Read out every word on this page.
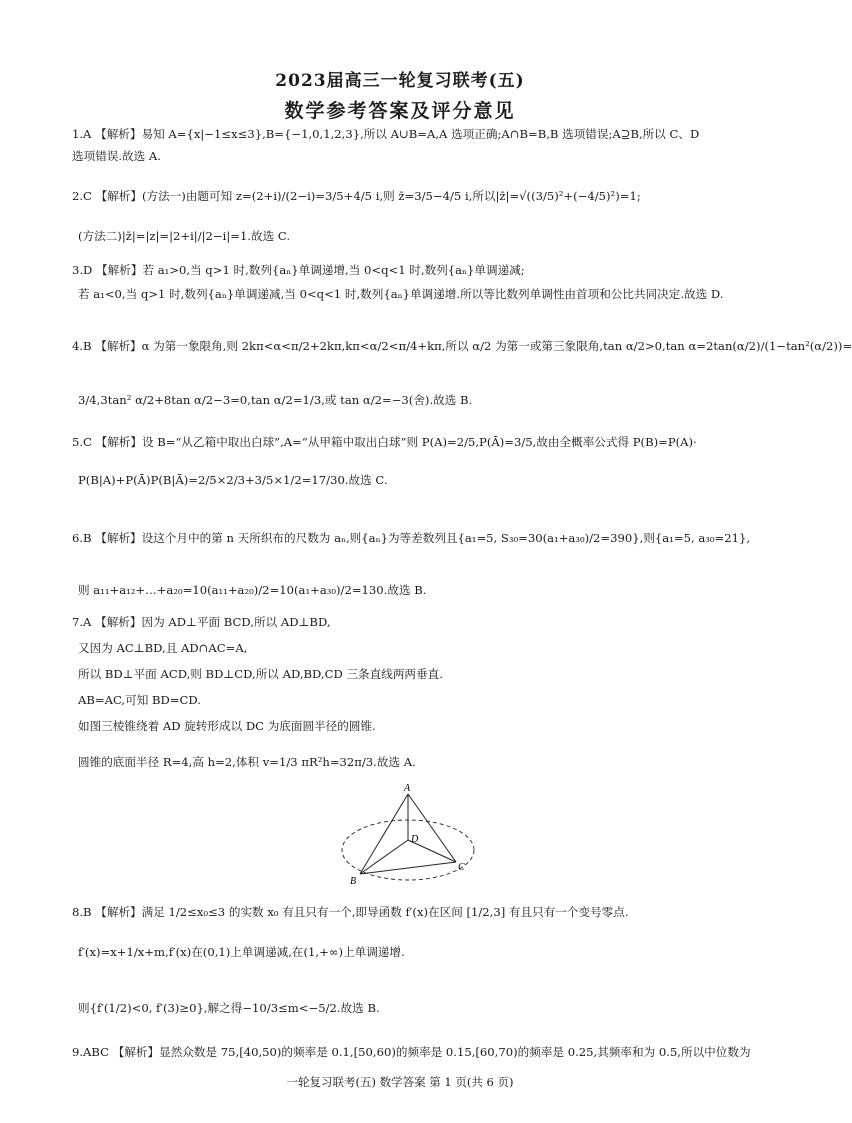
2023届高三一轮复习联考(五)
数学参考答案及评分意见
1.A 【解析】易知 A={x|−1≤x≤3},B={−1,0,1,2,3},所以 A∪B=A,A 选项正确;A∩B=B,B 选项错误;A⊇B,所以 C、D
选项错误.故选 A.
2.C 【解析】(方法一)由题可知 z=(2+i)/(2−i)=3/5+4/5 i,则 z̄=3/5−4/5 i,所以|z̄|=√((3/5)²+(−4/5)²)=1;
(方法二)|z̄|=|z|=|2+i|/|2−i|=1.故选 C.
3.D 【解析】若 a₁>0,当 q>1 时,数列{aₙ}单调递增,当 0<q<1 时,数列{aₙ}单调递减;
若 a₁<0,当 q>1 时,数列{aₙ}单调递减,当 0<q<1 时,数列{aₙ}单调递增.所以等比数列单调性由首项和公比共同决定.故选 D.
4.B 【解析】α 为第一象限角,则 2kπ<α<π/2+2kπ,kπ<α/2<π/4+kπ,所以 α/2 为第一或第三象限角,tan α/2>0,tan α=2tan(α/2)/(1−tan²(α/2))=
3/4,3tan² α/2+8tan α/2−3=0,tan α/2=1/3,或 tan α/2=−3(舍).故选 B.
5.C 【解析】设 B=“从乙箱中取出白球”,A=“从甲箱中取出白球”则 P(A)=2/5,P(Ā)=3/5,故由全概率公式得 P(B)=P(A)·
P(B|A)+P(Ā)P(B|Ā)=2/5×2/3+3/5×1/2=17/30.故选 C.
6.B 【解析】设这个月中的第 n 天所织布的尺数为 aₙ,则{aₙ}为等差数列且{a₁=5, S₃₀=30(a₁+a₃₀)/2=390},则{a₁=5, a₃₀=21},
则 a₁₁+a₁₂+…+a₂₀=10(a₁₁+a₂₀)/2=10(a₁+a₃₀)/2=130.故选 B.
7.A 【解析】因为 AD⊥平面 BCD,所以 AD⊥BD,
又因为 AC⊥BD,且 AD∩AC=A,
所以 BD⊥平面 ACD,则 BD⊥CD,所以 AD,BD,CD 三条直线两两垂直.
AB=AC,可知 BD=CD.
如图三棱锥绕着 AD 旋转形成以 DC 为底面圆半径的圆锥.
圆锥的底面半径 R=4,高 h=2,体积 v=1/3 πR²h=32π/3.故选 A.
A
B
C
D
8.B 【解析】满足 1/2≤x₀≤3 的实数 x₀ 有且只有一个,即导函数 f′(x)在区间 [1/2,3] 有且只有一个变号零点.
f′(x)=x+1/x+m,f′(x)在(0,1)上单调递减,在(1,+∞)上单调递增.
则{f′(1/2)<0, f′(3)≥0},解之得−10/3≤m<−5/2.故选 B.
9.ABC 【解析】显然众数是 75,[40,50)的频率是 0.1,[50,60)的频率是 0.15,[60,70)的频率是 0.25,其频率和为 0.5,所以中位数为
一轮复习联考(五) 数学答案 第 1 页(共 6 页)
